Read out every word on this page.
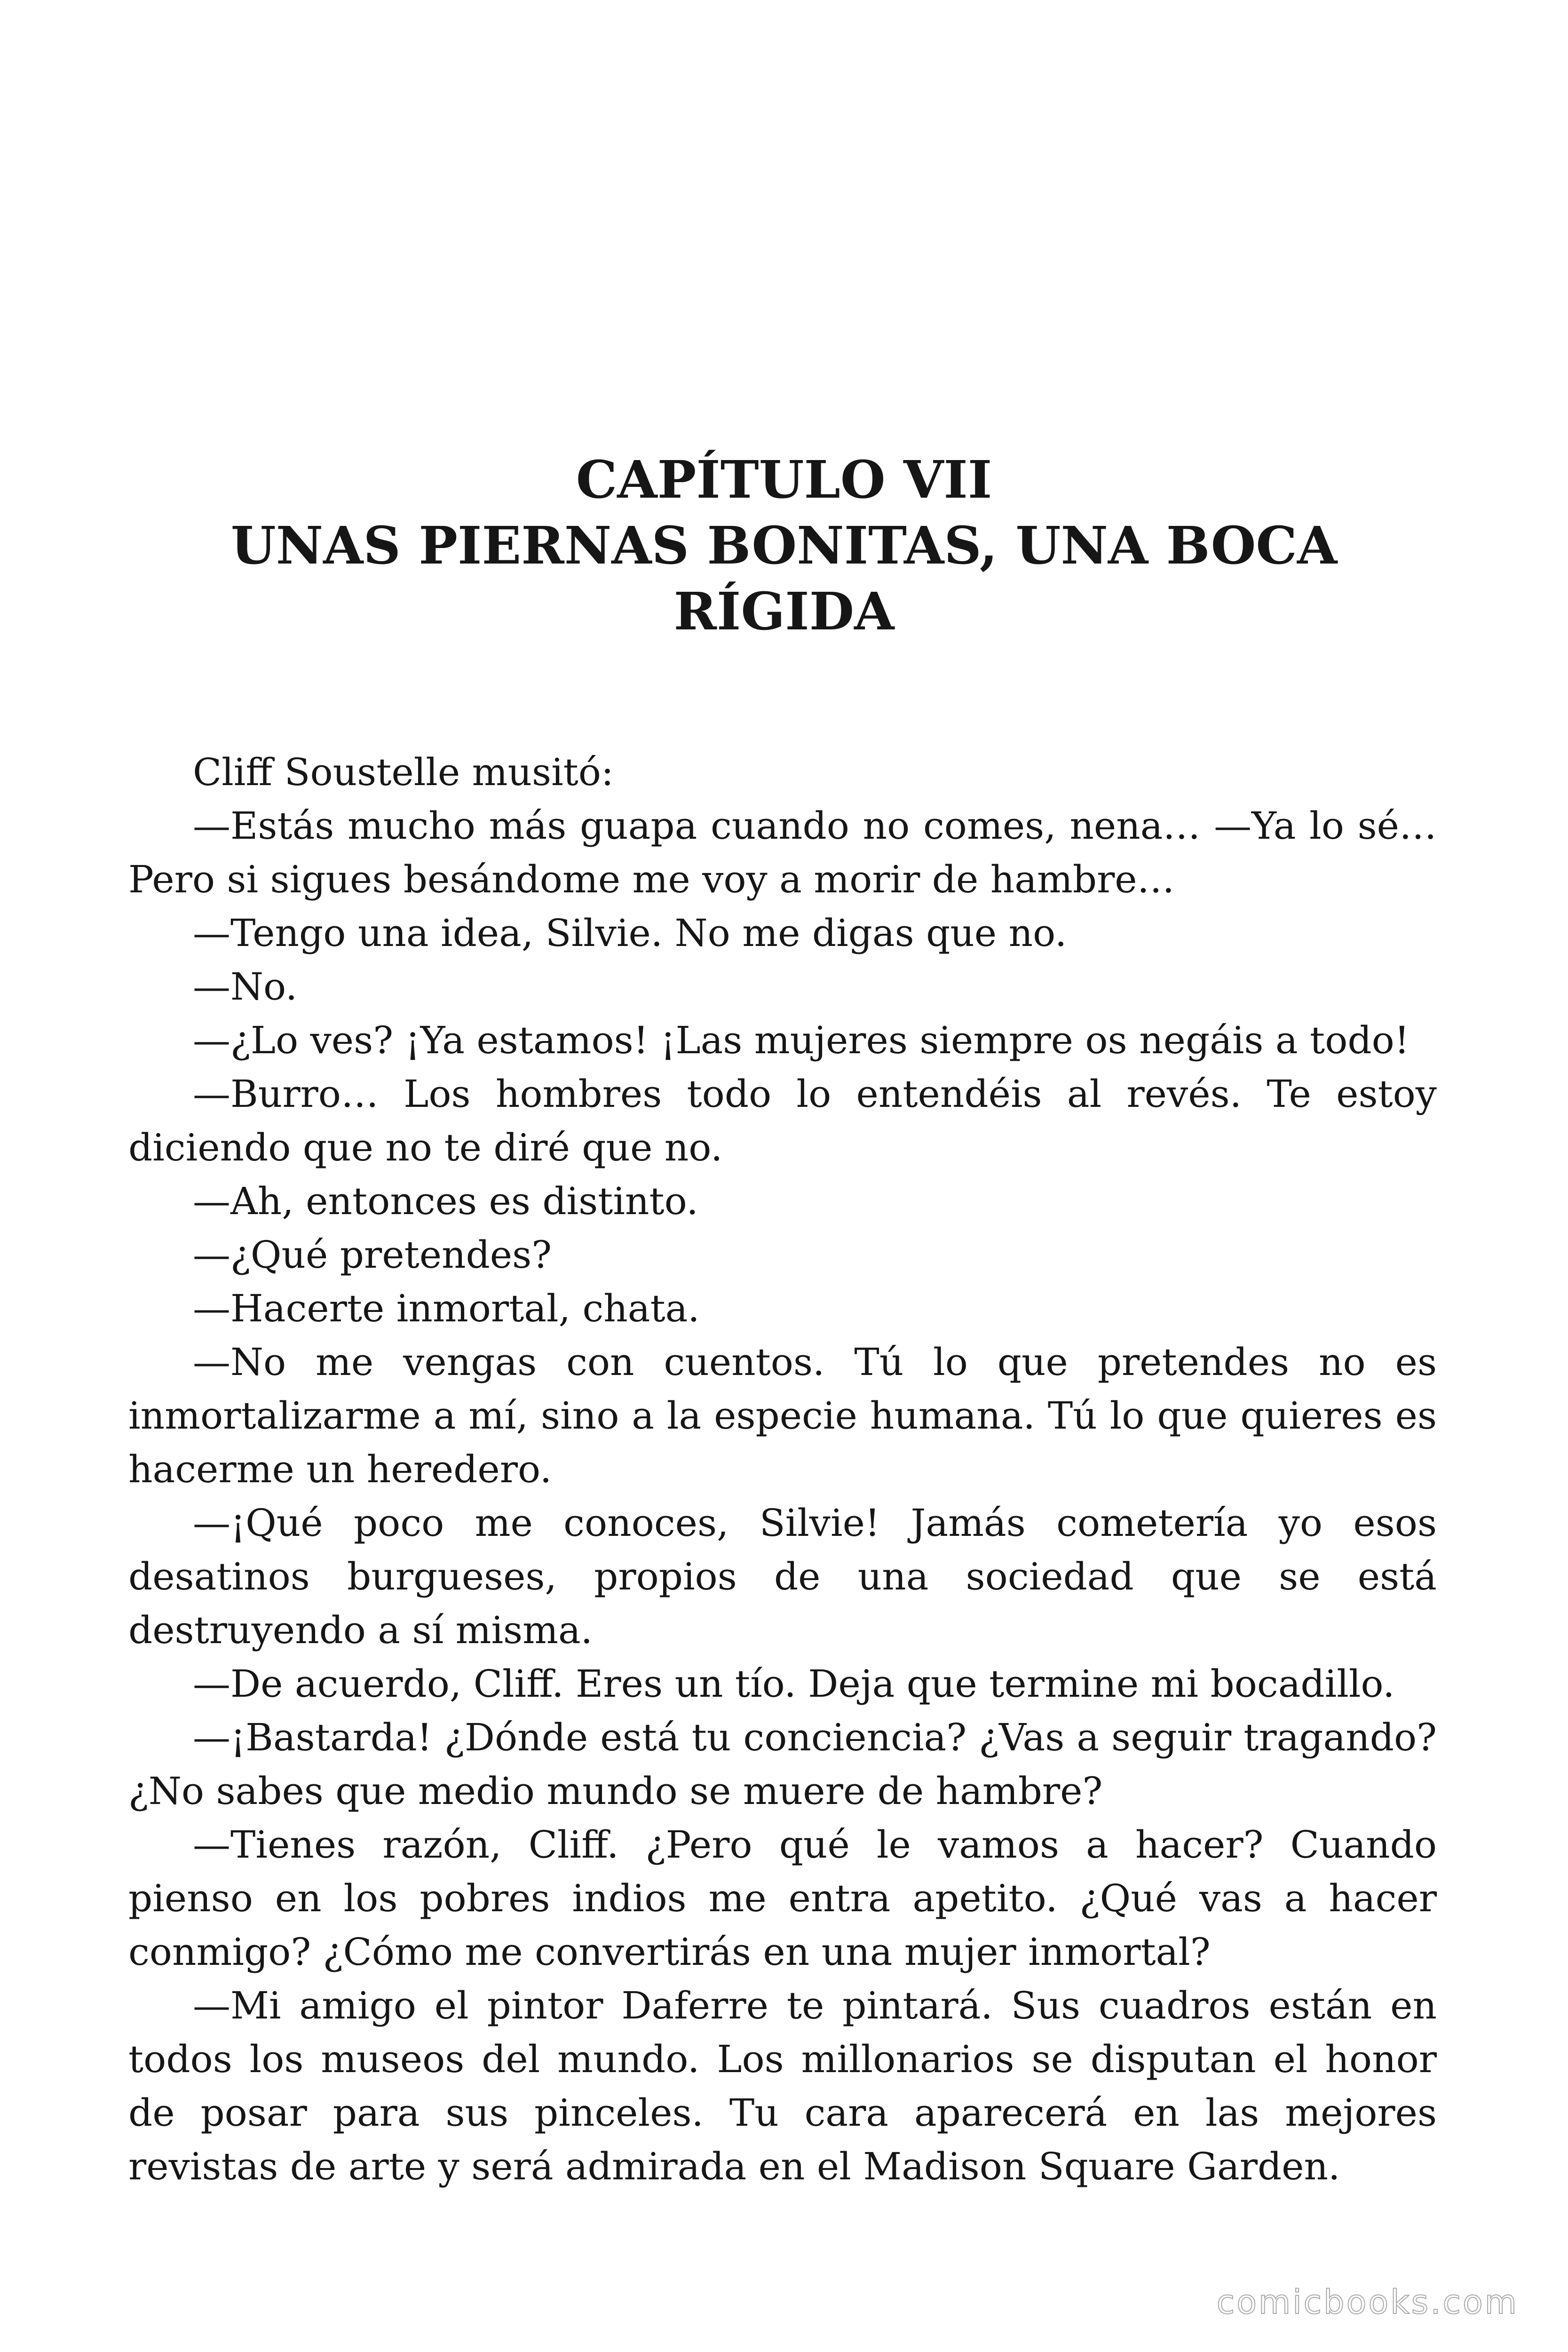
CAPÍTULO VII
UNAS PIERNAS BONITAS, UNA BOCA
RÍGIDA

Cliff Soustelle musitó:

—Estás mucho más guapa cuando no comes, nena… —Ya lo sé… Pero si sigues besándome me voy a morir de hambre…

—Tengo una idea, Silvie. No me digas que no.

—No.

—¿Lo ves? ¡Ya estamos! ¡Las mujeres siempre os negáis a todo!

—Burro… Los hombres todo lo entendéis al revés. Te estoy diciendo que no te diré que no.

—Ah, entonces es distinto.

—¿Qué pretendes?

—Hacerte inmortal, chata.

—No me vengas con cuentos. Tú lo que pretendes no es inmortalizarme a mí, sino a la especie humana. Tú lo que quieres es hacerme un heredero.

—¡Qué poco me conoces, Silvie! Jamás cometería yo esos desatinos burgueses, propios de una sociedad que se está destruyendo a sí misma.

—De acuerdo, Cliff. Eres un tío. Deja que termine mi bocadillo.

—¡Bastarda! ¿Dónde está tu conciencia? ¿Vas a seguir tragando? ¿No sabes que medio mundo se muere de hambre?

—Tienes razón, Cliff. ¿Pero qué le vamos a hacer? Cuando pienso en los pobres indios me entra apetito. ¿Qué vas a hacer conmigo? ¿Cómo me convertirás en una mujer inmortal?

—Mi amigo el pintor Daferre te pintará. Sus cuadros están en todos los museos del mundo. Los millonarios se disputan el honor de posar para sus pinceles. Tu cara aparecerá en las mejores revistas de arte y será admirada en el Madison Square Garden.

comicbooks.com
